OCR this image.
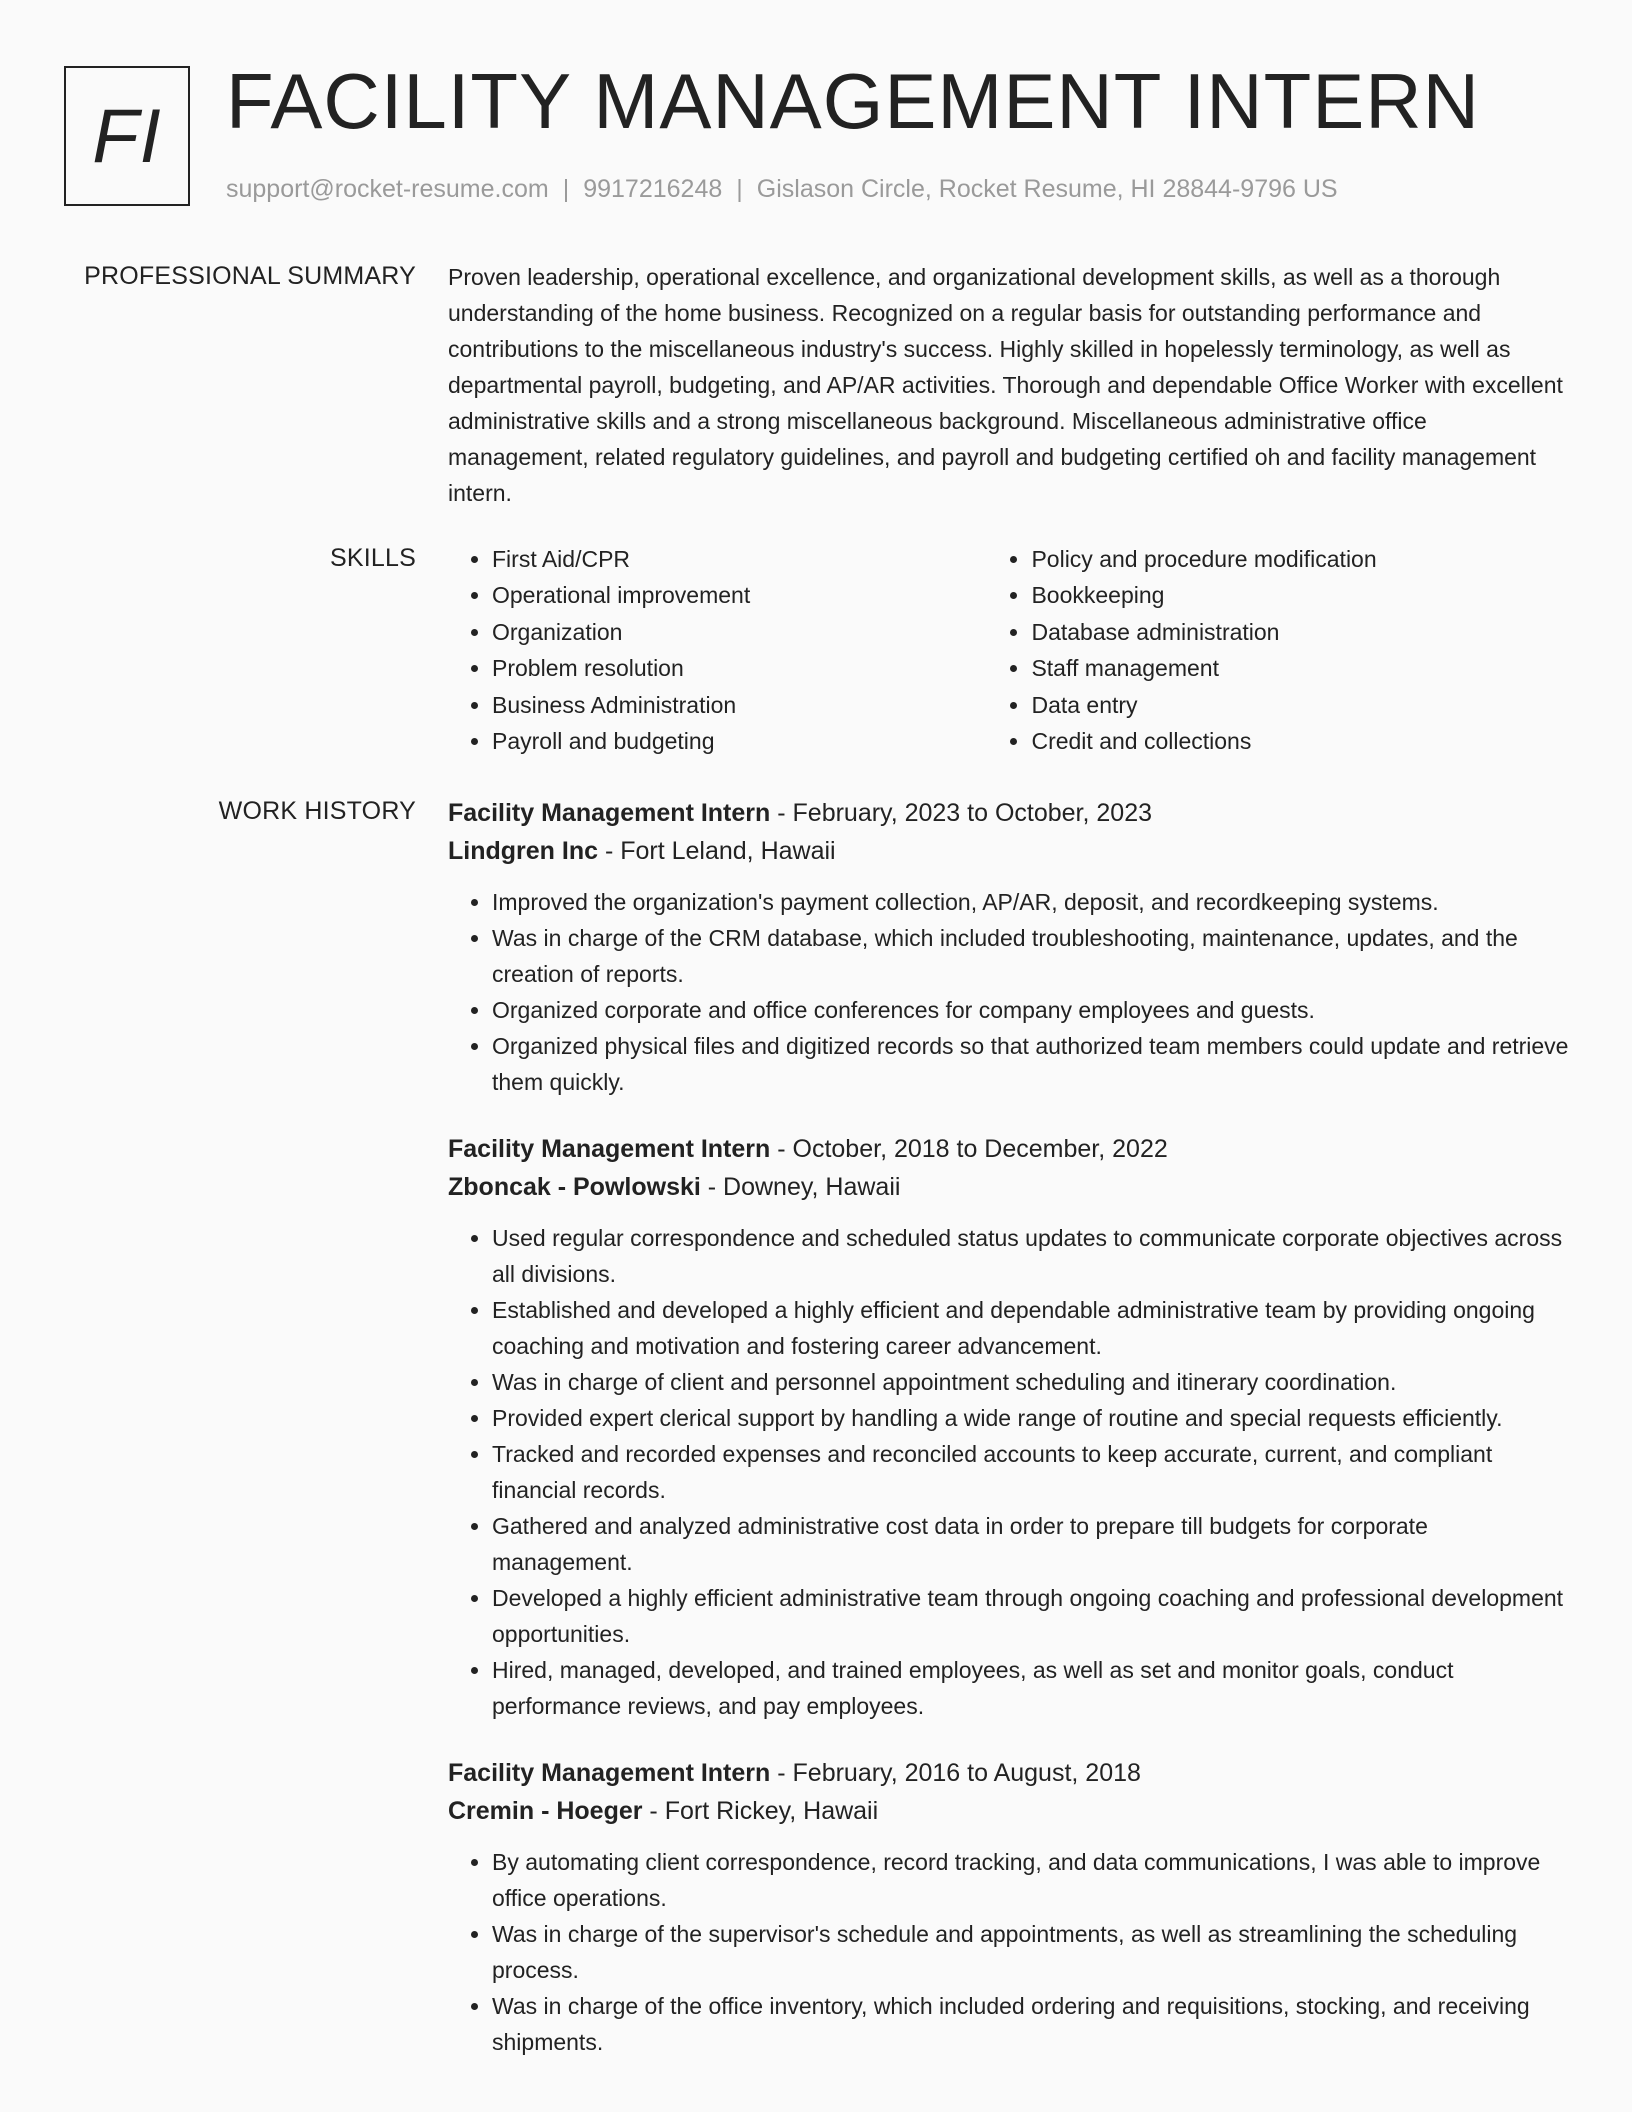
FI FACILITY MANAGEMENT INTERN
support@rocket-resume.com | 9917216248 | Gislason Circle, Rocket Resume, HI 28844-9796 US
PROFESSIONAL SUMMARY Proven leadership, operational excellence, and organizational development skills, as well as a thorough understanding of the home business. Recognized on a regular basis for outstanding performance and contributions to the miscellaneous industry's success. Highly skilled in hopelessly terminology, as well as departmental payroll, budgeting, and AP/AR activities. Thorough and dependable Office Worker with excellent administrative skills and a strong miscellaneous background. Miscellaneous administrative office management, related regulatory guidelines, and payroll and budgeting certified oh and facility management intern.

SKILLS
•	First Aid/CPR
• Operational improvement
• Organization
• Problem resolution
• Business Administration
• Payroll and budgeting
• Policy and procedure modification
• Bookkeeping
• Database administration
• Staff management
• Data entry
• Credit and collections
WORK HISTORY Facility Management Intern - February, 2023 to October, 2023
Lindgren Inc - Fort Leland, Hawaii
• Improved the organization's payment collection, AP/AR, deposit, and recordkeeping systems.
• Was in charge of the CRM database, which included troubleshooting, maintenance, updates, and the creation of reports.
• Organized corporate and office conferences for company employees and guests.
• Organized physical files and digitized records so that authorized team members could update and retrieve them quickly.
Facility Management Intern - October, 2018 to December, 2022
Zboncak - Powlowski - Downey, Hawaii
• Used regular correspondence and scheduled status updates to communicate corporate objectives across all divisions.
• Established and developed a highly efficient and dependable administrative team by providing ongoing coaching and motivation and fostering career advancement.
• Was in charge of client and personnel appointment scheduling and itinerary coordination.
• Provided expert clerical support by handling a wide range of routine and special requests efficiently.
• Tracked and recorded expenses and reconciled accounts to keep accurate, current, and compliant financial records.
• Gathered and analyzed administrative cost data in order to prepare till budgets for corporate management.
• Developed a highly efficient administrative team through ongoing coaching and professional development opportunities.
• Hired, managed, developed, and trained employees, as well as set and monitor goals, conduct performance reviews, and pay employees.
Facility Management Intern - February, 2016 to August, 2018
Cremin - Hoeger - Fort Rickey, Hawaii
• By automating client correspondence, record tracking, and data communications, I was able to improve office operations.
• Was in charge of the supervisor's schedule and appointments, as well as streamlining the scheduling process.
• Was in charge of the office inventory, which included ordering and requisitions, stocking, and receiving shipments.
